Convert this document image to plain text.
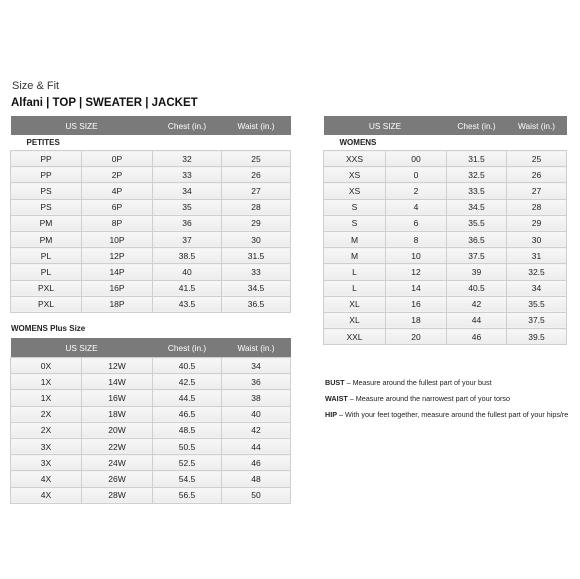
Size & Fit
Alfani | TOP | SWEATER | JACKET
US SIZE		Chest (in.)	Waist (in.)
PETITES			
PP	0P	32	25
PP	2P	33	26
PS	4P	34	27
PS	6P	35	28
PM	8P	36	29
PM	10P	37	30
PL	12P	38.5	31.5
PL	14P	40	33
PXL	16P	41.5	34.5
PXL	18P	43.5	36.5
WOMENS Plus Size
US SIZE		Chest (in.)	Waist (in.)
0X	12W	40.5	34
1X	14W	42.5	36
1X	16W	44.5	38
2X	18W	46.5	40
2X	20W	48.5	42
3X	22W	50.5	44
3X	24W	52.5	46
4X	26W	54.5	48
4X	28W	56.5	50
US SIZE		Chest (in.)	Waist (in.)
WOMENS			
XXS	00	31.5	25
XS	0	32.5	26
XS	2	33.5	27
S	4	34.5	28
S	6	35.5	29
M	8	36.5	30
M	10	37.5	31
L	12	39	32.5
L	14	40.5	34
XL	16	42	35.5
XL	18	44	37.5
XXL	20	46	39.5
BUST – Measure around the fullest part of your bust
WAIST – Measure around the narrowest part of your torso
HIP – With your feet together, measure around the fullest part of your hips/re
